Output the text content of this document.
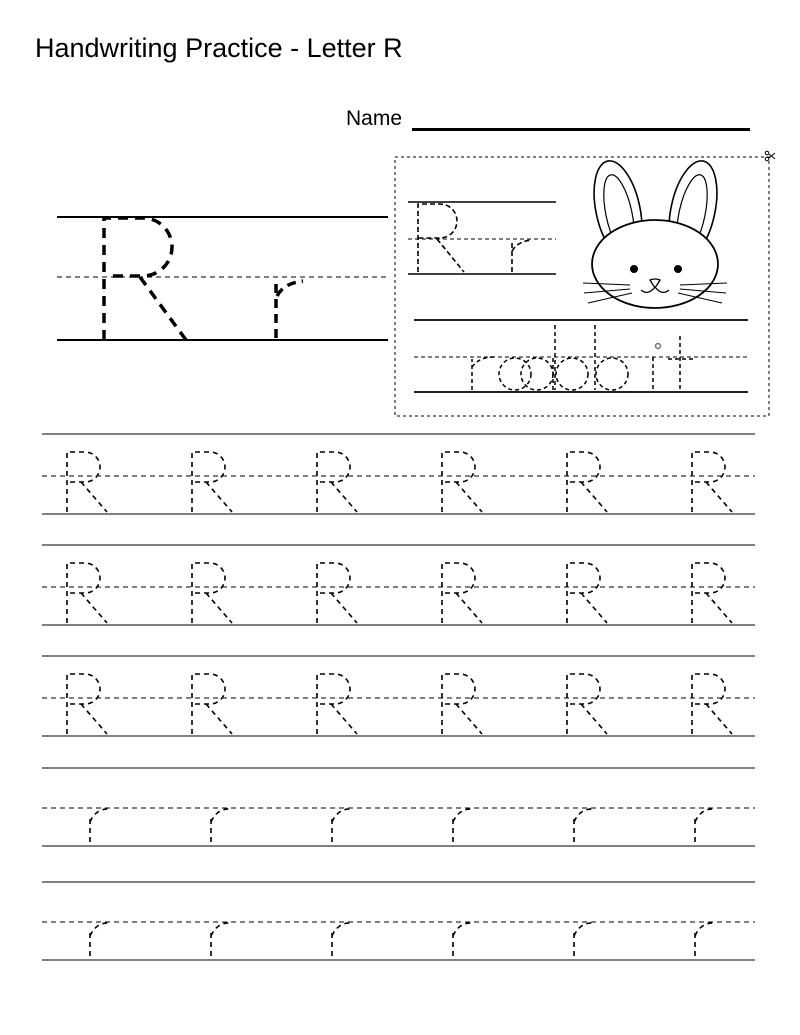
Handwriting Practice - Letter R
Name
